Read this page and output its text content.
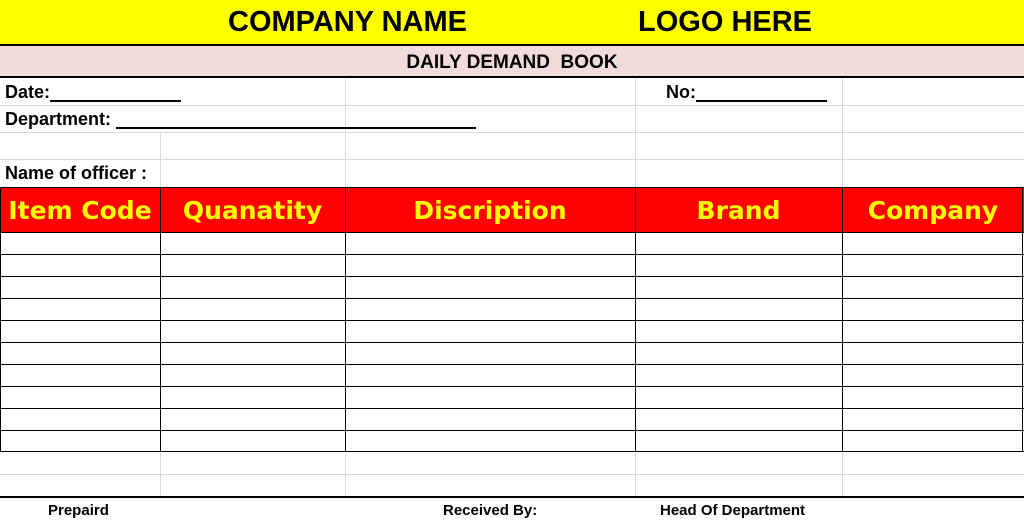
COMPANY NAME	LOGO HERE
DAILY DEMAND  BOOK
Date:	No:
Department:
Name of officer :
Item Code	Quanatity	Discription	Brand	Company
Prepaird	Received By:	Head Of Department
